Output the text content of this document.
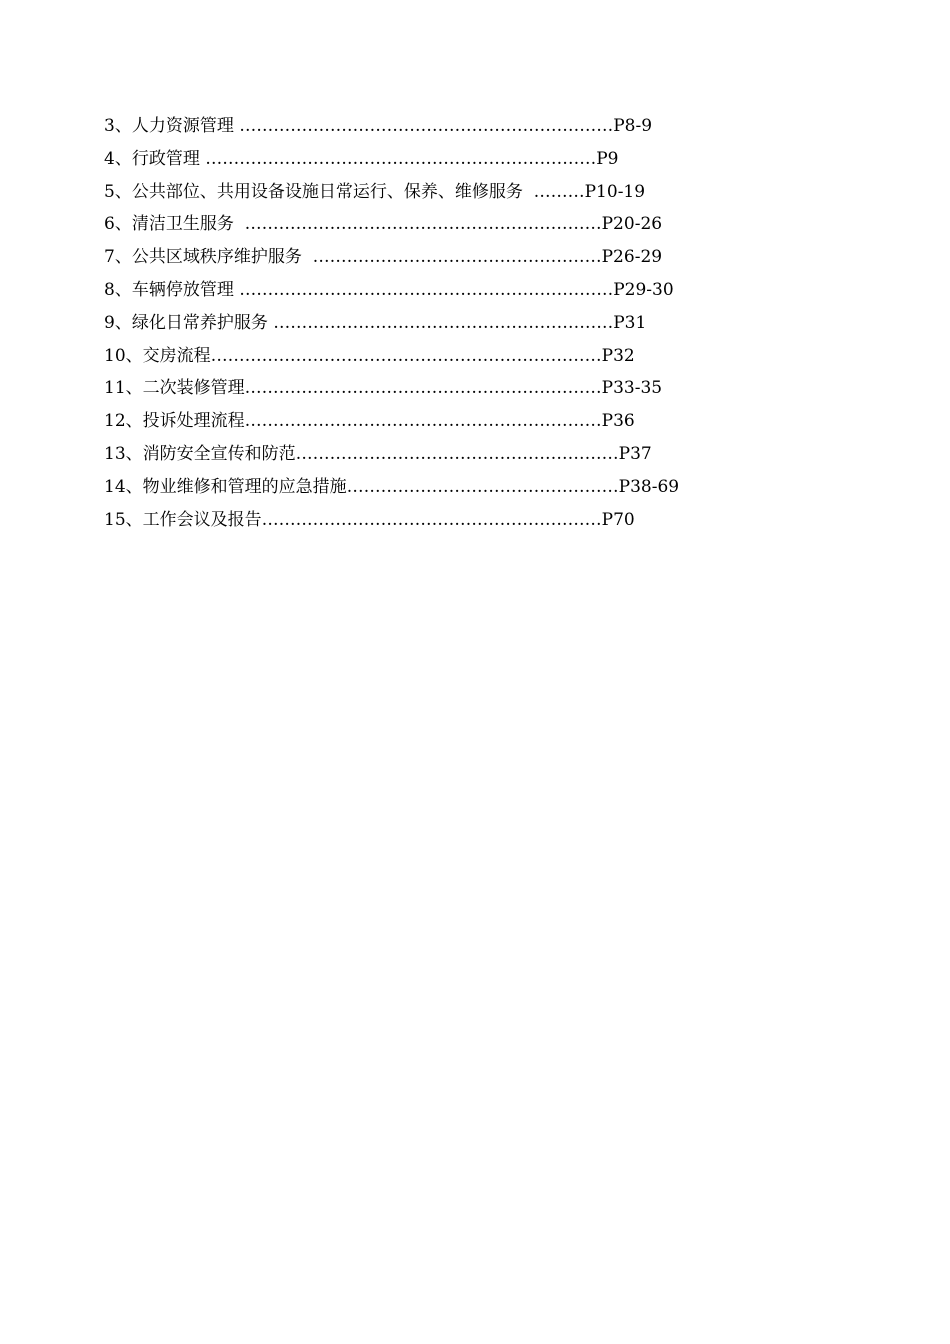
3、人力资源管理 …………………………………………………………P8-9
4、行政管理 ……………………………………………………………P9
5、公共部位、共用设备设施日常运行、保养、维修服务  ………P10-19
6、清洁卫生服务  ………………………………………………………P20-26
7、公共区域秩序维护服务  ……………………………………………P26-29
8、车辆停放管理 …………………………………………………………P29-30
9、绿化日常养护服务 ……………………………………………………P31
10、交房流程……………………………………………………………P32
11、二次装修管理………………………………………………………P33-35
12、投诉处理流程………………………………………………………P36
13、消防安全宣传和防范…………………………………………………P37
14、物业维修和管理的应急措施…………………………………………P38-69
15、工作会议及报告……………………………………………………P70
